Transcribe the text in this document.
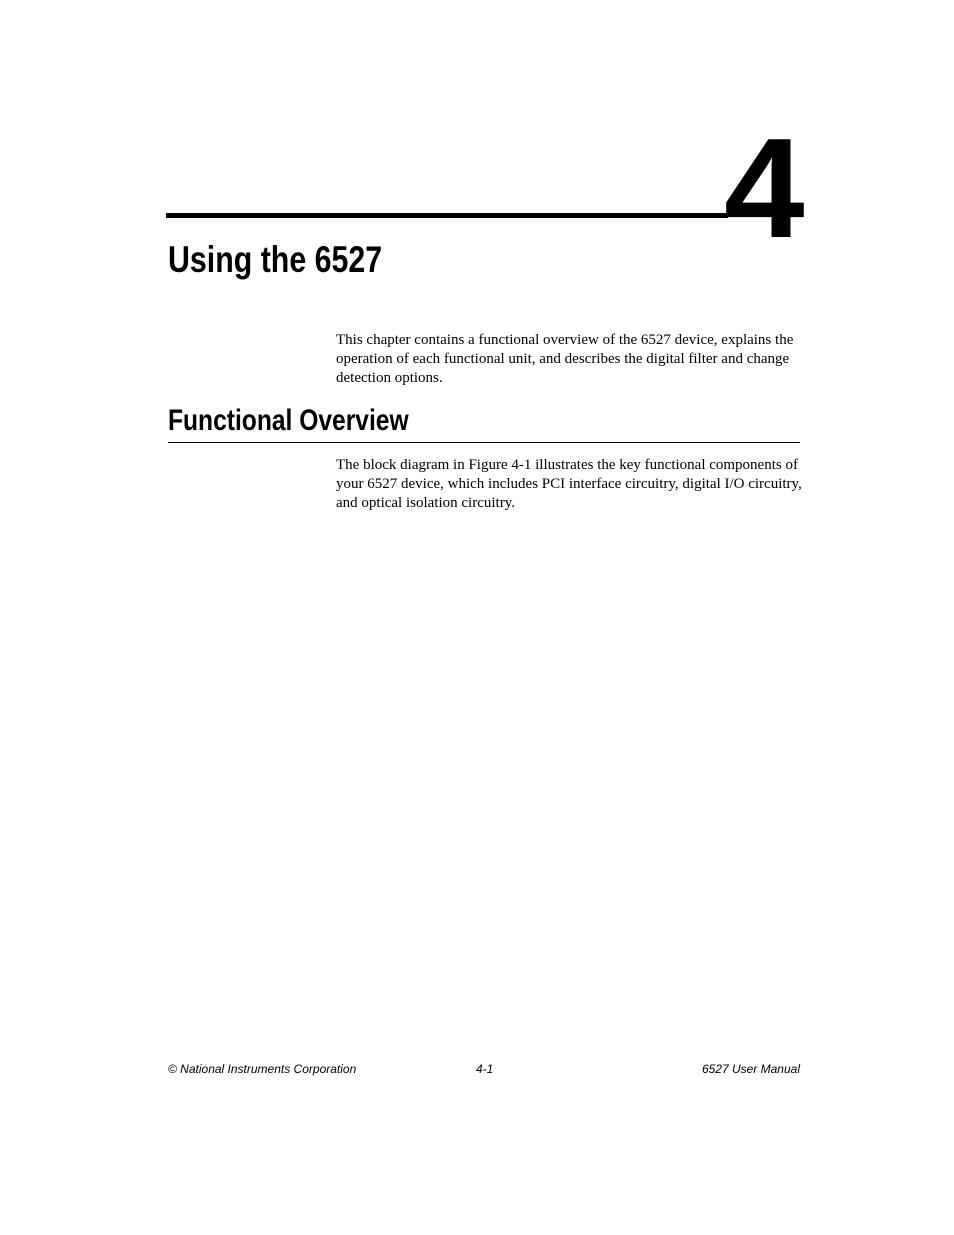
4
Using the 6527

This chapter contains a functional overview of the 6527 device, explains the operation of each functional unit, and describes the digital filter and change detection options.

Functional Overview

The block diagram in Figure 4-1 illustrates the key functional components of your 6527 device, which includes PCI interface circuitry, digital I/O circuitry, and optical isolation circuitry.

© National Instruments Corporation	4-1	6527 User Manual
